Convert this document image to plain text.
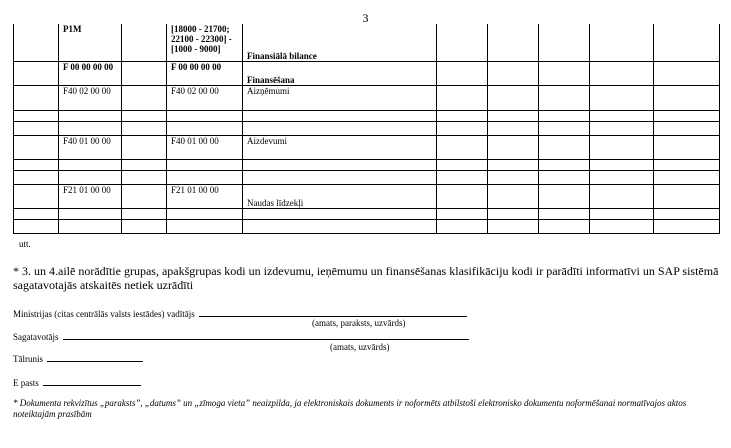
3
	P1M		[18000 - 21700; 22100 - 22300] - [1000 - 9000]	Finansiālā bilance					
	F 00 00 00 00		F 00 00 00 00	Finansēšana					
	F40 02 00 00		F40 02 00 00	Aizņēmumi					

	F40 01 00 00		F40 01 00 00	Aizdevumi					

	F21 01 00 00		F21 01 00 00	Naudas līdzekļi					

utt.
* 3. un 4.ailē norādītie grupas, apakšgrupas kodi un izdevumu, ieņēmumu un finansēšanas klasifikāciju kodi ir parādīti informatīvi un SAP sistēmā sagatavotajās atskaitēs netiek uzrādīti
Ministrijas (citas centrālās valsts iestādes) vadītājs
(amats, paraksts, uzvārds)
Sagatavotājs
(amats, uzvārds)
Tālrunis
E pasts
* Dokumenta rekvizītus „paraksts”, „datums” un „zīmoga vieta” neaizpilda, ja elektroniskais dokuments ir noformēts atbilstoši elektronisko dokumentu noformēšanai normatīvajos aktos noteiktajām prasībām
